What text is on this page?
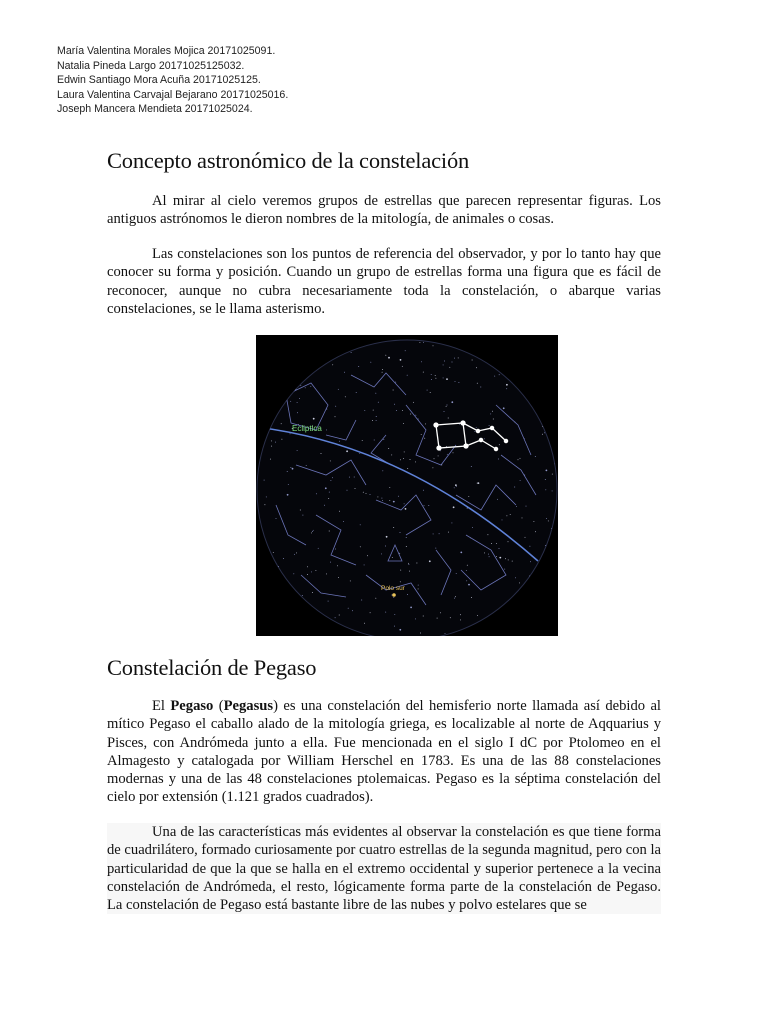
María Valentina Morales Mojica 20171025091.
Natalia Pineda Largo 20171025125032.
Edwin Santiago Mora Acuña 20171025125.
Laura Valentina Carvajal Bejarano 20171025016.
Joseph Mancera Mendieta 20171025024.
Concepto astronómico de la constelación

Al mirar al cielo veremos grupos de estrellas que parecen representar figuras. Los antiguos astrónomos le dieron nombres de la mitología, de animales o cosas.

Las constelaciones son los puntos de referencia del observador, y por lo tanto hay que conocer su forma y posición. Cuando un grupo de estrellas forma una figura que es fácil de reconocer, aunque no cubra necesariamente toda la constelación, o abarque varias constelaciones, se le llama asterismo.

Ecliptica
Polo sur
Constelación de Pegaso

El Pegaso (Pegasus) es una constelación del hemisferio norte llamada así debido al mítico Pegaso el caballo alado de la mitología griega, es localizable al norte de Aqquarius y Pisces, con Andrómeda junto a ella. Fue mencionada en el siglo I dC por Ptolomeo en el Almagesto y catalogada por William Herschel en 1783. Es una de las 88 constelaciones modernas y una de las 48 constelaciones ptolemaicas. Pegaso es la séptima constelación del cielo por extensión (1.121 grados cuadrados).

Una de las características más evidentes al observar la constelación es que tiene forma de cuadrilátero, formado curiosamente por cuatro estrellas de la segunda magnitud, pero con la particularidad de que la que se halla en el extremo occidental y superior pertenece a la vecina constelación de Andrómeda, el resto, lógicamente forma parte de la constelación de Pegaso. La constelación de Pegaso está bastante libre de las nubes y polvo estelares que se
